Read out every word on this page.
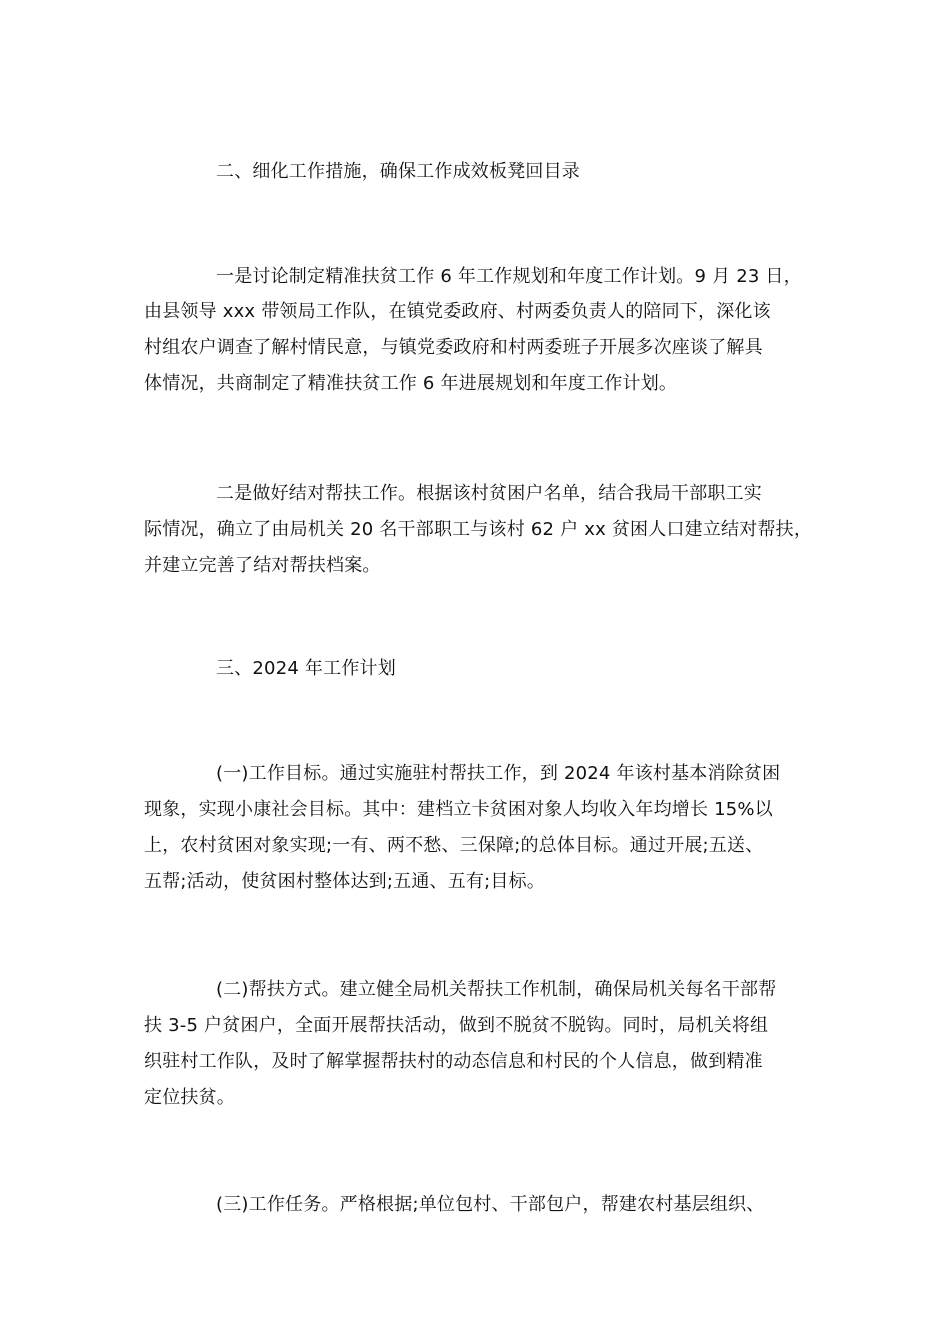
二、细化工作措施，确保工作成效板凳回目录
一是讨论制定精准扶贫工作 6 年工作规划和年度工作计划。9 月 23 日，
由县领导 xxx 带领局工作队，在镇党委政府、村两委负责人的陪同下，深化该
村组农户调查了解村情民意，与镇党委政府和村两委班子开展多次座谈了解具
体情况，共商制定了精准扶贫工作 6 年进展规划和年度工作计划。
二是做好结对帮扶工作。根据该村贫困户名单，结合我局干部职工实
际情况，确立了由局机关 20 名干部职工与该村 62 户 xx 贫困人口建立结对帮扶，
并建立完善了结对帮扶档案。
三、2024 年工作计划
(一)工作目标。通过实施驻村帮扶工作，到 2024 年该村基本消除贫困
现象，实现小康社会目标。其中：建档立卡贫困对象人均收入年均增长 15%以
上，农村贫困对象实现;一有、两不愁、三保障;的总体目标。通过开展;五送、
五帮;活动，使贫困村整体达到;五通、五有;目标。
(二)帮扶方式。建立健全局机关帮扶工作机制，确保局机关每名干部帮
扶 3-5 户贫困户，全面开展帮扶活动，做到不脱贫不脱钩。同时，局机关将组
织驻村工作队，及时了解掌握帮扶村的动态信息和村民的个人信息，做到精准
定位扶贫。
(三)工作任务。严格根据;单位包村、干部包户，帮建农村基层组织、
